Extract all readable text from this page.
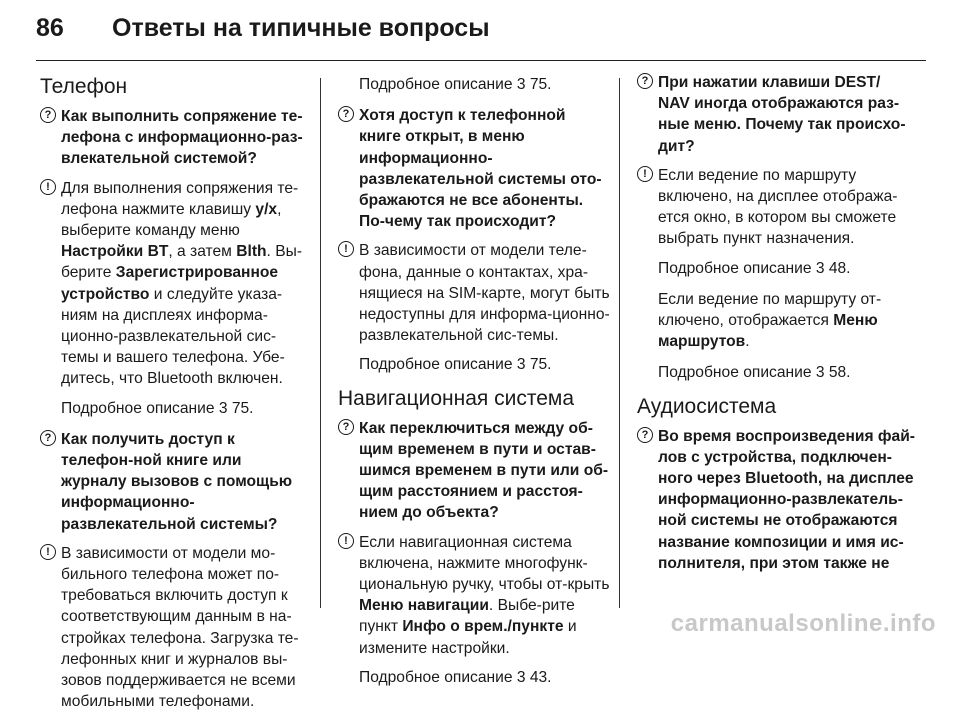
86 Ответы на типичные вопросы
Телефон
? Как выполнить сопряжение те-лефона с информационно-раз-влекательной системой?
! Для выполнения сопряжения те-лефона нажмите клавишу y/x, выберите команду меню Настройки BT, а затем Blth. Вы-берите Зарегистрированное устройство и следуйте указа-ниям на дисплеях информа-ционно-развлекательной сис-темы и вашего телефона. Убе-дитесь, что Bluetooth включен.
Подробное описание 3 75.
? Как получить доступ к телефон-ной книге или журналу вызовов с помощью информационно-развлекательной системы?
! В зависимости от модели мо-бильного телефона может по-требоваться включить доступ к соответствующим данным в на-стройках телефона. Загрузка те-лефонных книг и журналов вы-зовов поддерживается не всеми мобильными телефонами.
Подробное описание 3 75.
? Хотя доступ к телефонной книге открыт, в меню информационно-развлекательной системы ото-бражаются не все абоненты. По-чему так происходит?
! В зависимости от модели теле-фона, данные о контактах, хра-нящиеся на SIM-карте, могут быть недоступны для информа-ционно-развлекательной сис-темы.
Подробное описание 3 75.
Навигационная система
? Как переключиться между об-щим временем в пути и остав-шимся временем в пути или об-щим расстоянием и расстоя-нием до объекта?
! Если навигационная система включена, нажмите многофунк-циональную ручку, чтобы от-крыть Меню навигации. Выбе-рите пункт Инфо о врем./пункте и измените настройки.
Подробное описание 3 43.
? При нажатии клавиши DEST/ NAV иногда отображаются раз-ные меню. Почему так происхо-дит?
! Если ведение по маршруту включено, на дисплее отобража-ется окно, в котором вы сможете выбрать пункт назначения.
Подробное описание 3 48.
Если ведение по маршруту от-ключено, отображается Меню маршрутов.
Подробное описание 3 58.
Аудиосистема
? Во время воспроизведения фай-лов с устройства, подключен-ного через Bluetooth, на дисплее информационно-развлекатель-ной системы не отображаются название композиции и имя ис-полнителя, при этом также не
carmanualsonline.info
